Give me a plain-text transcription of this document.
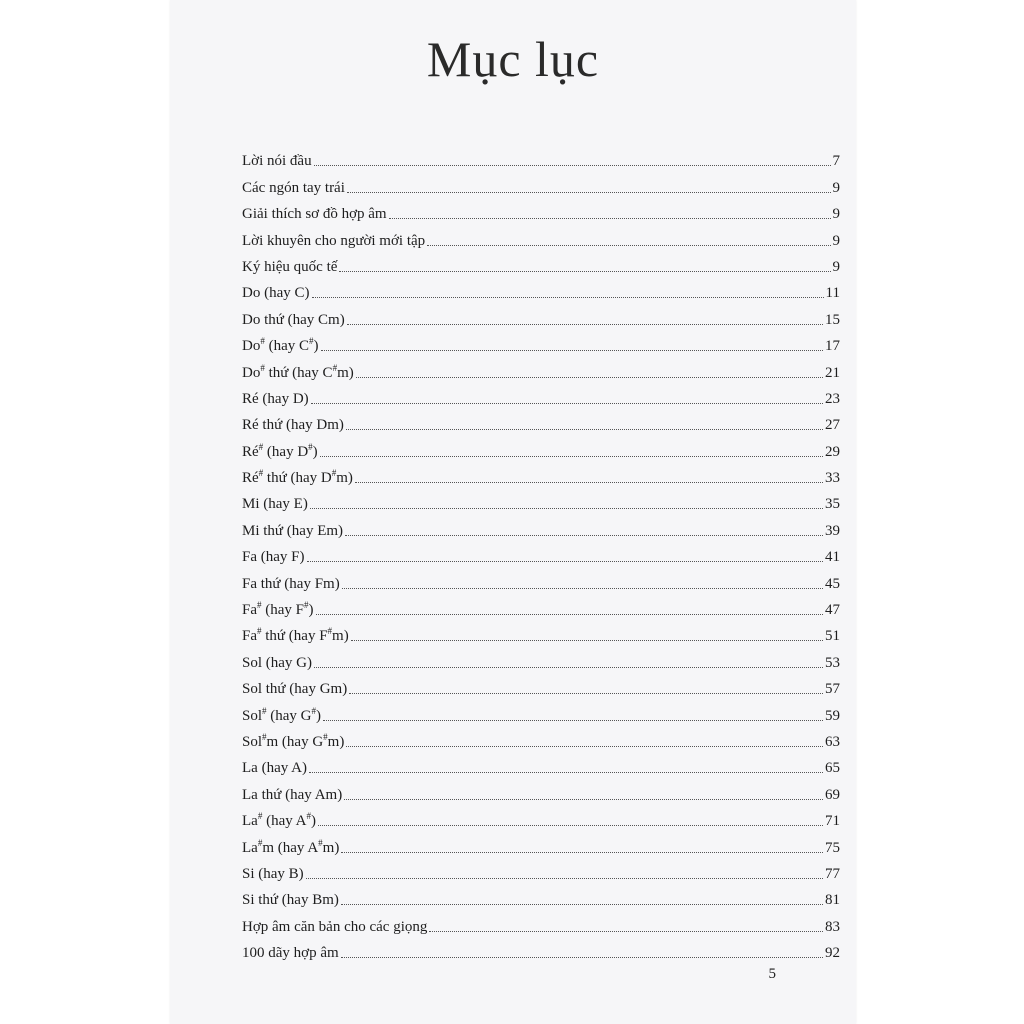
Mục lục
Lời nói đầu	7
Các ngón tay trái	9
Giải thích sơ đồ hợp âm	9
Lời khuyên cho người mới tập	9
Ký hiệu quốc tế	9
Do (hay C)	11
Do thứ (hay Cm)	15
Do# (hay C#)	17
Do# thứ (hay C#m)	21
Ré (hay D)	23
Ré thứ (hay Dm)	27
Ré# (hay D#)	29
Ré# thứ (hay D#m)	33
Mi (hay E)	35
Mi thứ (hay Em)	39
Fa (hay F)	41
Fa thứ (hay Fm)	45
Fa# (hay F#)	47
Fa# thứ (hay F#m)	51
Sol (hay G)	53
Sol thứ (hay Gm)	57
Sol# (hay G#)	59
Sol#m (hay G#m)	63
La (hay A)	65
La thứ (hay Am)	69
La# (hay A#)	71
La#m (hay A#m)	75
Si (hay B)	77
Si thứ (hay Bm)	81
Hợp âm căn bản cho các giọng	83
100 dãy hợp âm	92
5
